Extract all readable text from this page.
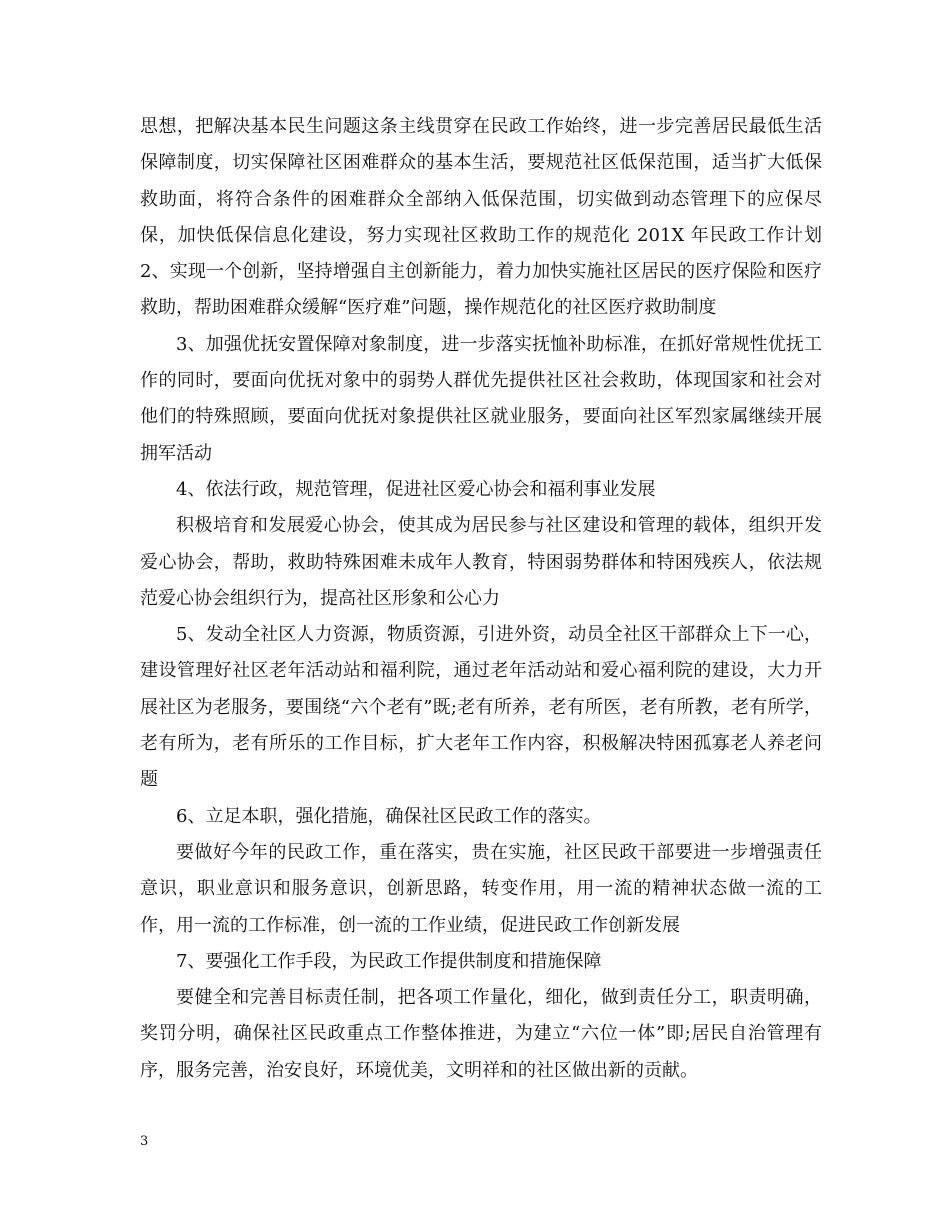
思想，把解决基本民生问题这条主线贯穿在民政工作始终，进一步完善居民最低生活保障制度，切实保障社区困难群众的基本生活，要规范社区低保范围，适当扩大低保救助面，将符合条件的困难群众全部纳入低保范围，切实做到动态管理下的应保尽保，加快低保信息化建设，努力实现社区救助工作的规范化 201X 年民政工作计划 2、实现一个创新，坚持增强自主创新能力，着力加快实施社区居民的医疗保险和医疗救助，帮助困难群众缓解“医疗难”问题，操作规范化的社区医疗救助制度

3、加强优抚安置保障对象制度，进一步落实抚恤补助标准，在抓好常规性优抚工作的同时，要面向优抚对象中的弱势人群优先提供社区社会救助，体现国家和社会对他们的特殊照顾，要面向优抚对象提供社区就业服务，要面向社区军烈家属继续开展拥军活动

4、依法行政，规范管理，促进社区爱心协会和福利事业发展

积极培育和发展爱心协会，使其成为居民参与社区建设和管理的载体，组织开发爱心协会，帮助，救助特殊困难未成年人教育，特困弱势群体和特困残疾人，依法规范爱心协会组织行为，提高社区形象和公心力

5、发动全社区人力资源，物质资源，引进外资，动员全社区干部群众上下一心，建设管理好社区老年活动站和福利院，通过老年活动站和爱心福利院的建设，大力开展社区为老服务，要围绕“六个老有”既;老有所养，老有所医，老有所教，老有所学，老有所为，老有所乐的工作目标，扩大老年工作内容，积极解决特困孤寡老人养老问题

6、立足本职，强化措施，确保社区民政工作的落实。

要做好今年的民政工作，重在落实，贵在实施，社区民政干部要进一步增强责任意识，职业意识和服务意识，创新思路，转变作用，用一流的精神状态做一流的工作，用一流的工作标准，创一流的工作业绩，促进民政工作创新发展

7、要强化工作手段，为民政工作提供制度和措施保障

要健全和完善目标责任制，把各项工作量化，细化，做到责任分工，职责明确，奖罚分明，确保社区民政重点工作整体推进，为建立“六位一体”即;居民自治管理有序，服务完善，治安良好，环境优美，文明祥和的社区做出新的贡献。

3
